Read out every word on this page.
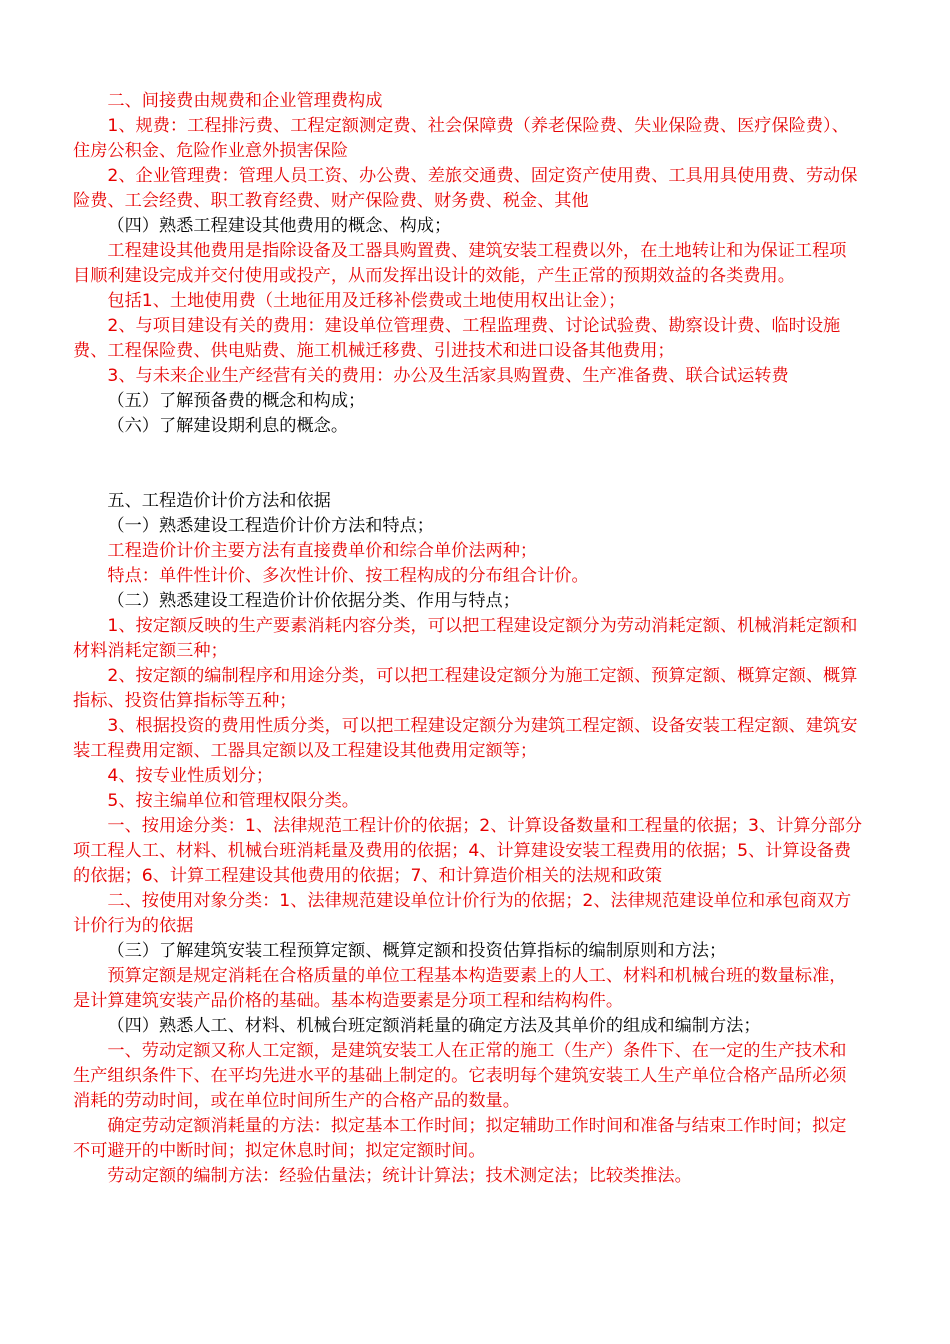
二、间接费由规费和企业管理费构成

1、规费：工程排污费、工程定额测定费、社会保障费（养老保险费、失业保险费、医疗保险费）、住房公积金、危险作业意外损害保险

2、企业管理费：管理人员工资、办公费、差旅交通费、固定资产使用费、工具用具使用费、劳动保险费、工会经费、职工教育经费、财产保险费、财务费、税金、其他

（四）熟悉工程建设其他费用的概念、构成；

工程建设其他费用是指除设备及工器具购置费、建筑安装工程费以外，在土地转让和为保证工程项目顺利建设完成并交付使用或投产，从而发挥出设计的效能，产生正常的预期效益的各类费用。

包括1、土地使用费（土地征用及迁移补偿费或土地使用权出让金）；

2、与项目建设有关的费用：建设单位管理费、工程监理费、讨论试验费、勘察设计费、临时设施费、工程保险费、供电贴费、施工机械迁移费、引进技术和进口设备其他费用；

3、与未来企业生产经营有关的费用：办公及生活家具购置费、生产准备费、联合试运转费

（五）了解预备费的概念和构成；

（六）了解建设期利息的概念。

五、工程造价计价方法和依据

（一）熟悉建设工程造价计价方法和特点；

工程造价计价主要方法有直接费单价和综合单价法两种；

特点：单件性计价、多次性计价、按工程构成的分布组合计价。

（二）熟悉建设工程造价计价依据分类、作用与特点；

1、按定额反映的生产要素消耗内容分类，可以把工程建设定额分为劳动消耗定额、机械消耗定额和材料消耗定额三种；

2、按定额的编制程序和用途分类，可以把工程建设定额分为施工定额、预算定额、概算定额、概算指标、投资估算指标等五种；

3、根据投资的费用性质分类，可以把工程建设定额分为建筑工程定额、设备安装工程定额、建筑安装工程费用定额、工器具定额以及工程建设其他费用定额等；

4、按专业性质划分；

5、按主编单位和管理权限分类。

一、按用途分类：1、法律规范工程计价的依据；2、计算设备数量和工程量的依据；3、计算分部分项工程人工、材料、机械台班消耗量及费用的依据；4、计算建设安装工程费用的依据；5、计算设备费的依据；6、计算工程建设其他费用的依据；7、和计算造价相关的法规和政策

二、按使用对象分类：1、法律规范建设单位计价行为的依据；2、法律规范建设单位和承包商双方计价行为的依据

（三）了解建筑安装工程预算定额、概算定额和投资估算指标的编制原则和方法；

预算定额是规定消耗在合格质量的单位工程基本构造要素上的人工、材料和机械台班的数量标准，是计算建筑安装产品价格的基础。基本构造要素是分项工程和结构构件。

（四）熟悉人工、材料、机械台班定额消耗量的确定方法及其单价的组成和编制方法；

一、劳动定额又称人工定额，是建筑安装工人在正常的施工（生产）条件下、在一定的生产技术和生产组织条件下、在平均先进水平的基础上制定的。它表明每个建筑安装工人生产单位合格产品所必须消耗的劳动时间，或在单位时间所生产的合格产品的数量。

确定劳动定额消耗量的方法：拟定基本工作时间；拟定辅助工作时间和准备与结束工作时间；拟定不可避开的中断时间；拟定休息时间；拟定定额时间。

劳动定额的编制方法：经验估量法；统计计算法；技术测定法；比较类推法。
